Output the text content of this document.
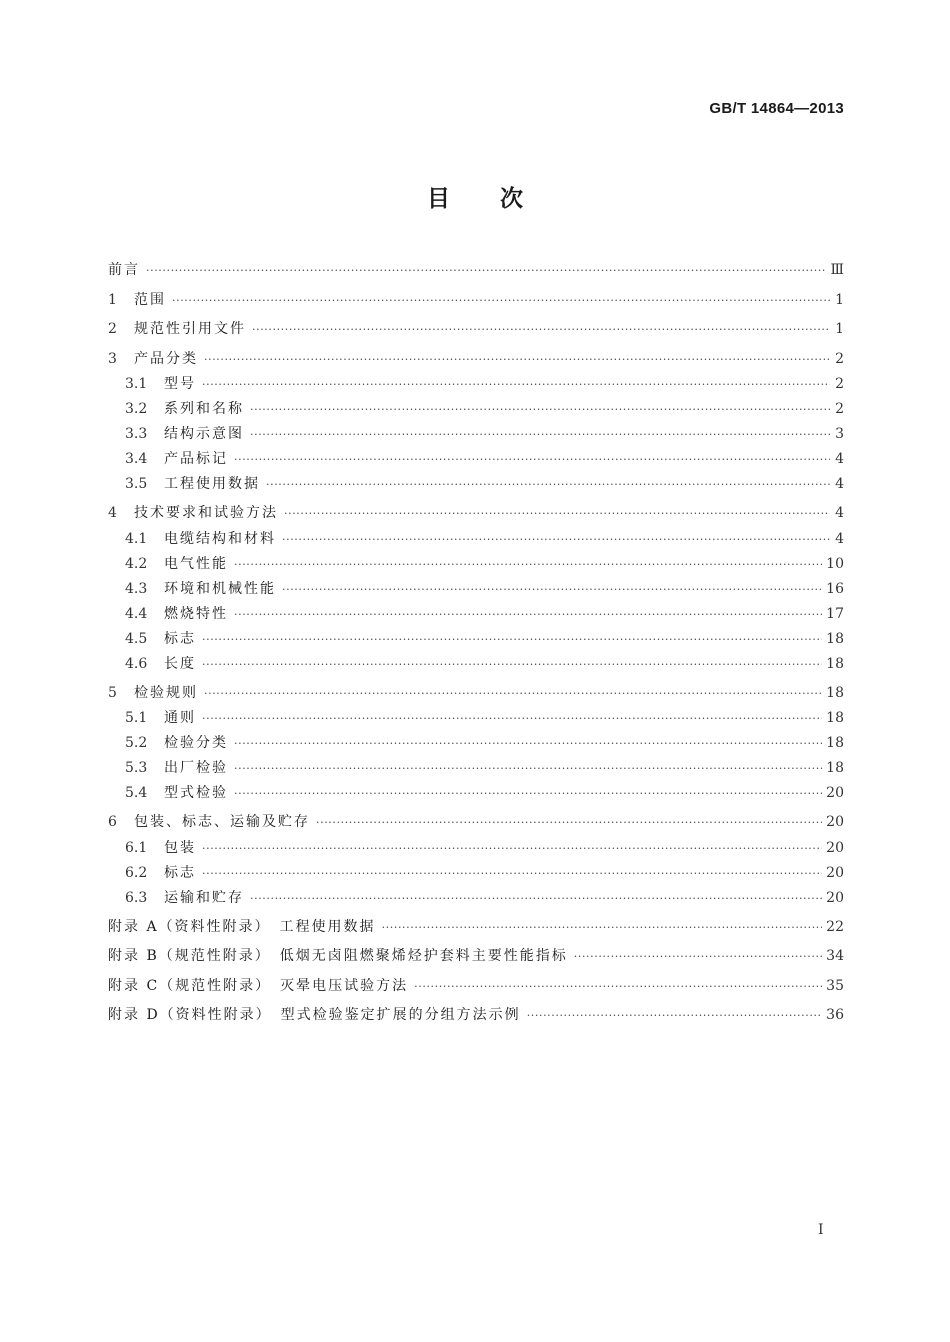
GB/T 14864—2013
目 次
前言 ·····	Ⅲ
1	范围 ·····	1
2	规范性引用文件 ·····	1
3	产品分类 ·····	2
3.1	型号 ·····	2
3.2	系列和名称 ·····	2
3.3	结构示意图 ·····	3
3.4	产品标记 ·····	4
3.5	工程使用数据 ·····	4
4	技术要求和试验方法 ·····	4
4.1	电缆结构和材料 ·····	4
4.2	电气性能 ·····	10
4.3	环境和机械性能 ·····	16
4.4	燃烧特性 ·····	17
4.5	标志 ·····	18
4.6	长度 ·····	18
5	检验规则 ·····	18
5.1	通则 ·····	18
5.2	检验分类 ·····	18
5.3	出厂检验 ·····	18
5.4	型式检验 ·····	20
6	包装、标志、运输及贮存 ·····	20
6.1	包装 ·····	20
6.2	标志 ·····	20
6.3	运输和贮存 ·····	20
附录 A（资料性附录）　工程使用数据 ·····	22
附录 B（规范性附录）　低烟无卤阻燃聚烯烃护套料主要性能指标 ·····	34
附录 C（规范性附录）　灭晕电压试验方法 ·····	35
附录 D（资料性附录）　型式检验鉴定扩展的分组方法示例 ·····	36
Ⅰ
